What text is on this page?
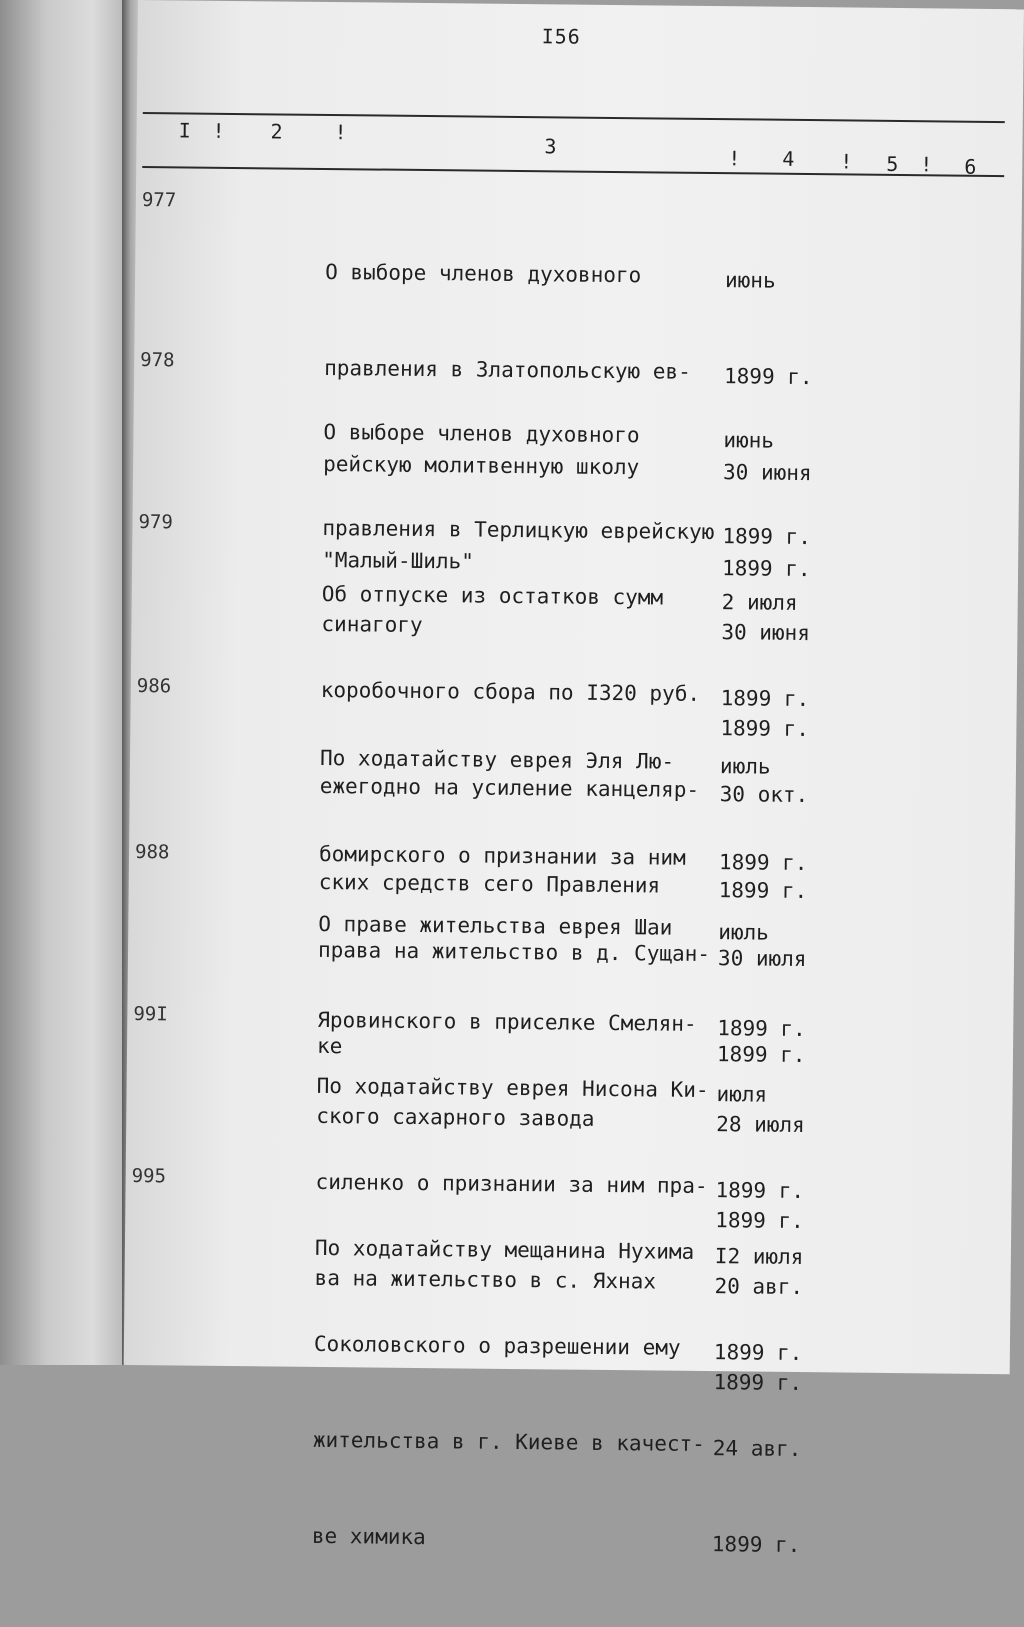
I56
I ! 2	!
3	! 4 ! 5 ! 6
977

О выборе членов духовного

правления в Златопольскую ев-

рейскую молитвенную школу

"Малый-Шиль"

июнь

1899 г.

30 июня

1899 г.

978

О выборе членов духовного

правления в Терлицкую еврейскую

синагогу

июнь

1899 г.

30 июня

1899 г.

979

Об отпуске из остатков сумм

коробочного сбора по I320 руб.

ежегодно на усиление канцеляр-

ских средств сего Правления

2 июля

1899 г.

30 окт.

1899 г.

986

По ходатайству еврея Эля Лю-

бомирского о признании за ним

права на жительство в д. Сущан-

ке

июль

1899 г.

30 июля

1899 г.

988

О праве жительства еврея Шаи

Яровинского в приселке Смелян-

ского сахарного завода

июль

1899 г.

28 июля

1899 г.

99I

По ходатайству еврея Нисона Ки-

силенко о признании за ним пра-

ва на жительство в с. Яхнах

июля

1899 г.

20 авг.

1899 г.

995

По ходатайству мещанина Нухима

Соколовского о разрешении ему

жительства в г. Киеве в качест-

ве химика

I2 июля

1899 г.

24 авг.

1899 г.
